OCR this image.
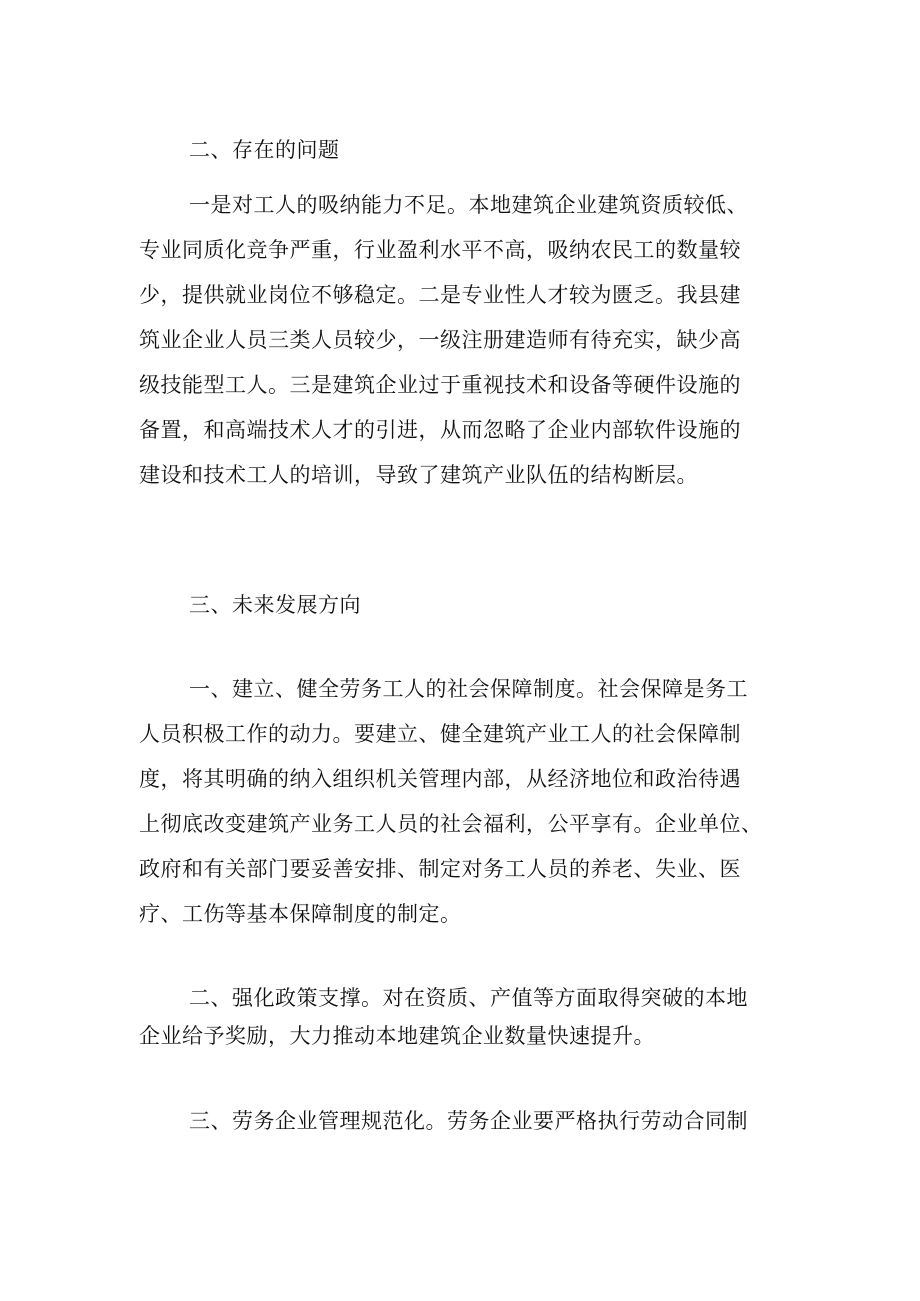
二、存在的问题
一是对工人的吸纳能力不足。本地建筑企业建筑资质较低、
专业同质化竞争严重，行业盈利水平不高，吸纳农民工的数量较
少，提供就业岗位不够稳定。二是专业性人才较为匮乏。我县建
筑业企业人员三类人员较少，一级注册建造师有待充实，缺少高
级技能型工人。三是建筑企业过于重视技术和设备等硬件设施的
备置，和高端技术人才的引进，从而忽略了企业内部软件设施的
建设和技术工人的培训，导致了建筑产业队伍的结构断层。
三、未来发展方向
一、建立、健全劳务工人的社会保障制度。社会保障是务工
人员积极工作的动力。要建立、健全建筑产业工人的社会保障制
度，将其明确的纳入组织机关管理内部，从经济地位和政治待遇
上彻底改变建筑产业务工人员的社会福利，公平享有。企业单位、
政府和有关部门要妥善安排、制定对务工人员的养老、失业、医
疗、工伤等基本保障制度的制定。
二、强化政策支撑。对在资质、产值等方面取得突破的本地
企业给予奖励，大力推动本地建筑企业数量快速提升。
三、劳务企业管理规范化。劳务企业要严格执行劳动合同制
